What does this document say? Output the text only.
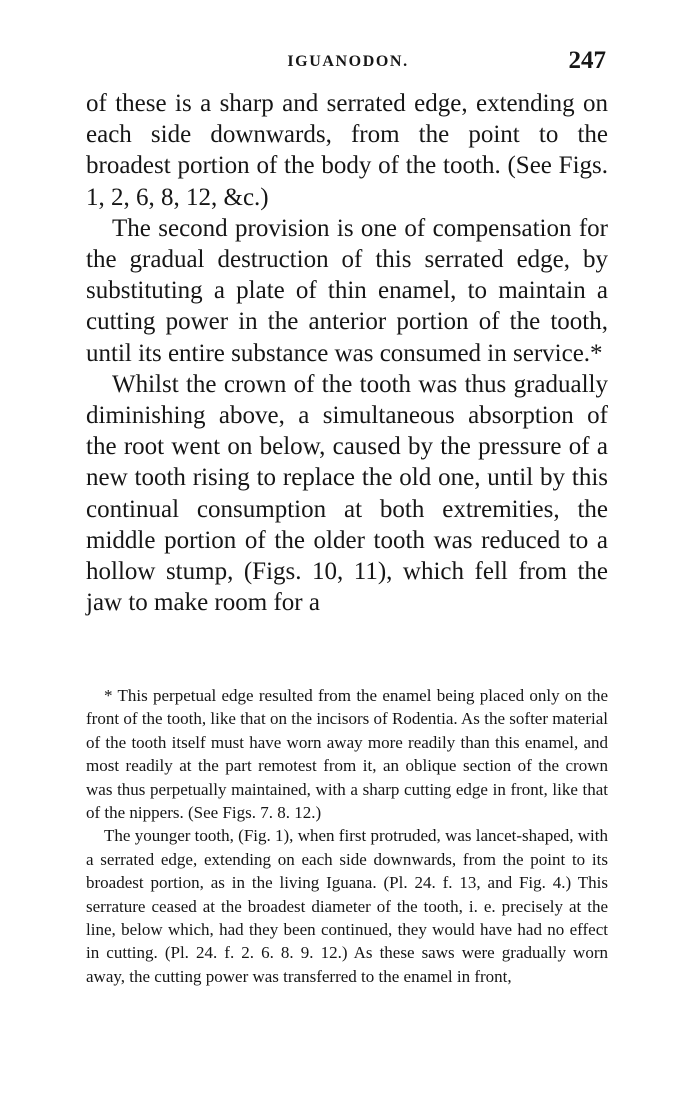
IGUANODON.	247

of these is a sharp and serrated edge, extending on each side downwards, from the point to the broadest portion of the body of the tooth. (See Figs. 1, 2, 6, 8, 12, &c.)

The second provision is one of compensation for the gradual destruction of this serrated edge, by substituting a plate of thin enamel, to maintain a cutting power in the anterior portion of the tooth, until its entire substance was consumed in service.*

Whilst the crown of the tooth was thus gradually diminishing above, a simultaneous absorption of the root went on below, caused by the pressure of a new tooth rising to replace the old one, until by this continual consumption at both extremities, the middle portion of the older tooth was reduced to a hollow stump, (Figs. 10, 11), which fell from the jaw to make room for a

* This perpetual edge resulted from the enamel being placed only on the front of the tooth, like that on the incisors of Rodentia. As the softer material of the tooth itself must have worn away more readily than this enamel, and most readily at the part remotest from it, an oblique section of the crown was thus perpetually maintained, with a sharp cutting edge in front, like that of the nippers. (See Figs. 7. 8. 12.)

The younger tooth, (Fig. 1), when first protruded, was lancet-shaped, with a serrated edge, extending on each side downwards, from the point to its broadest portion, as in the living Iguana. (Pl. 24. f. 13, and Fig. 4.) This serrature ceased at the broadest diameter of the tooth, i. e. precisely at the line, below which, had they been continued, they would have had no effect in cutting. (Pl. 24. f. 2. 6. 8. 9. 12.) As these saws were gradually worn away, the cutting power was transferred to the enamel in front,
